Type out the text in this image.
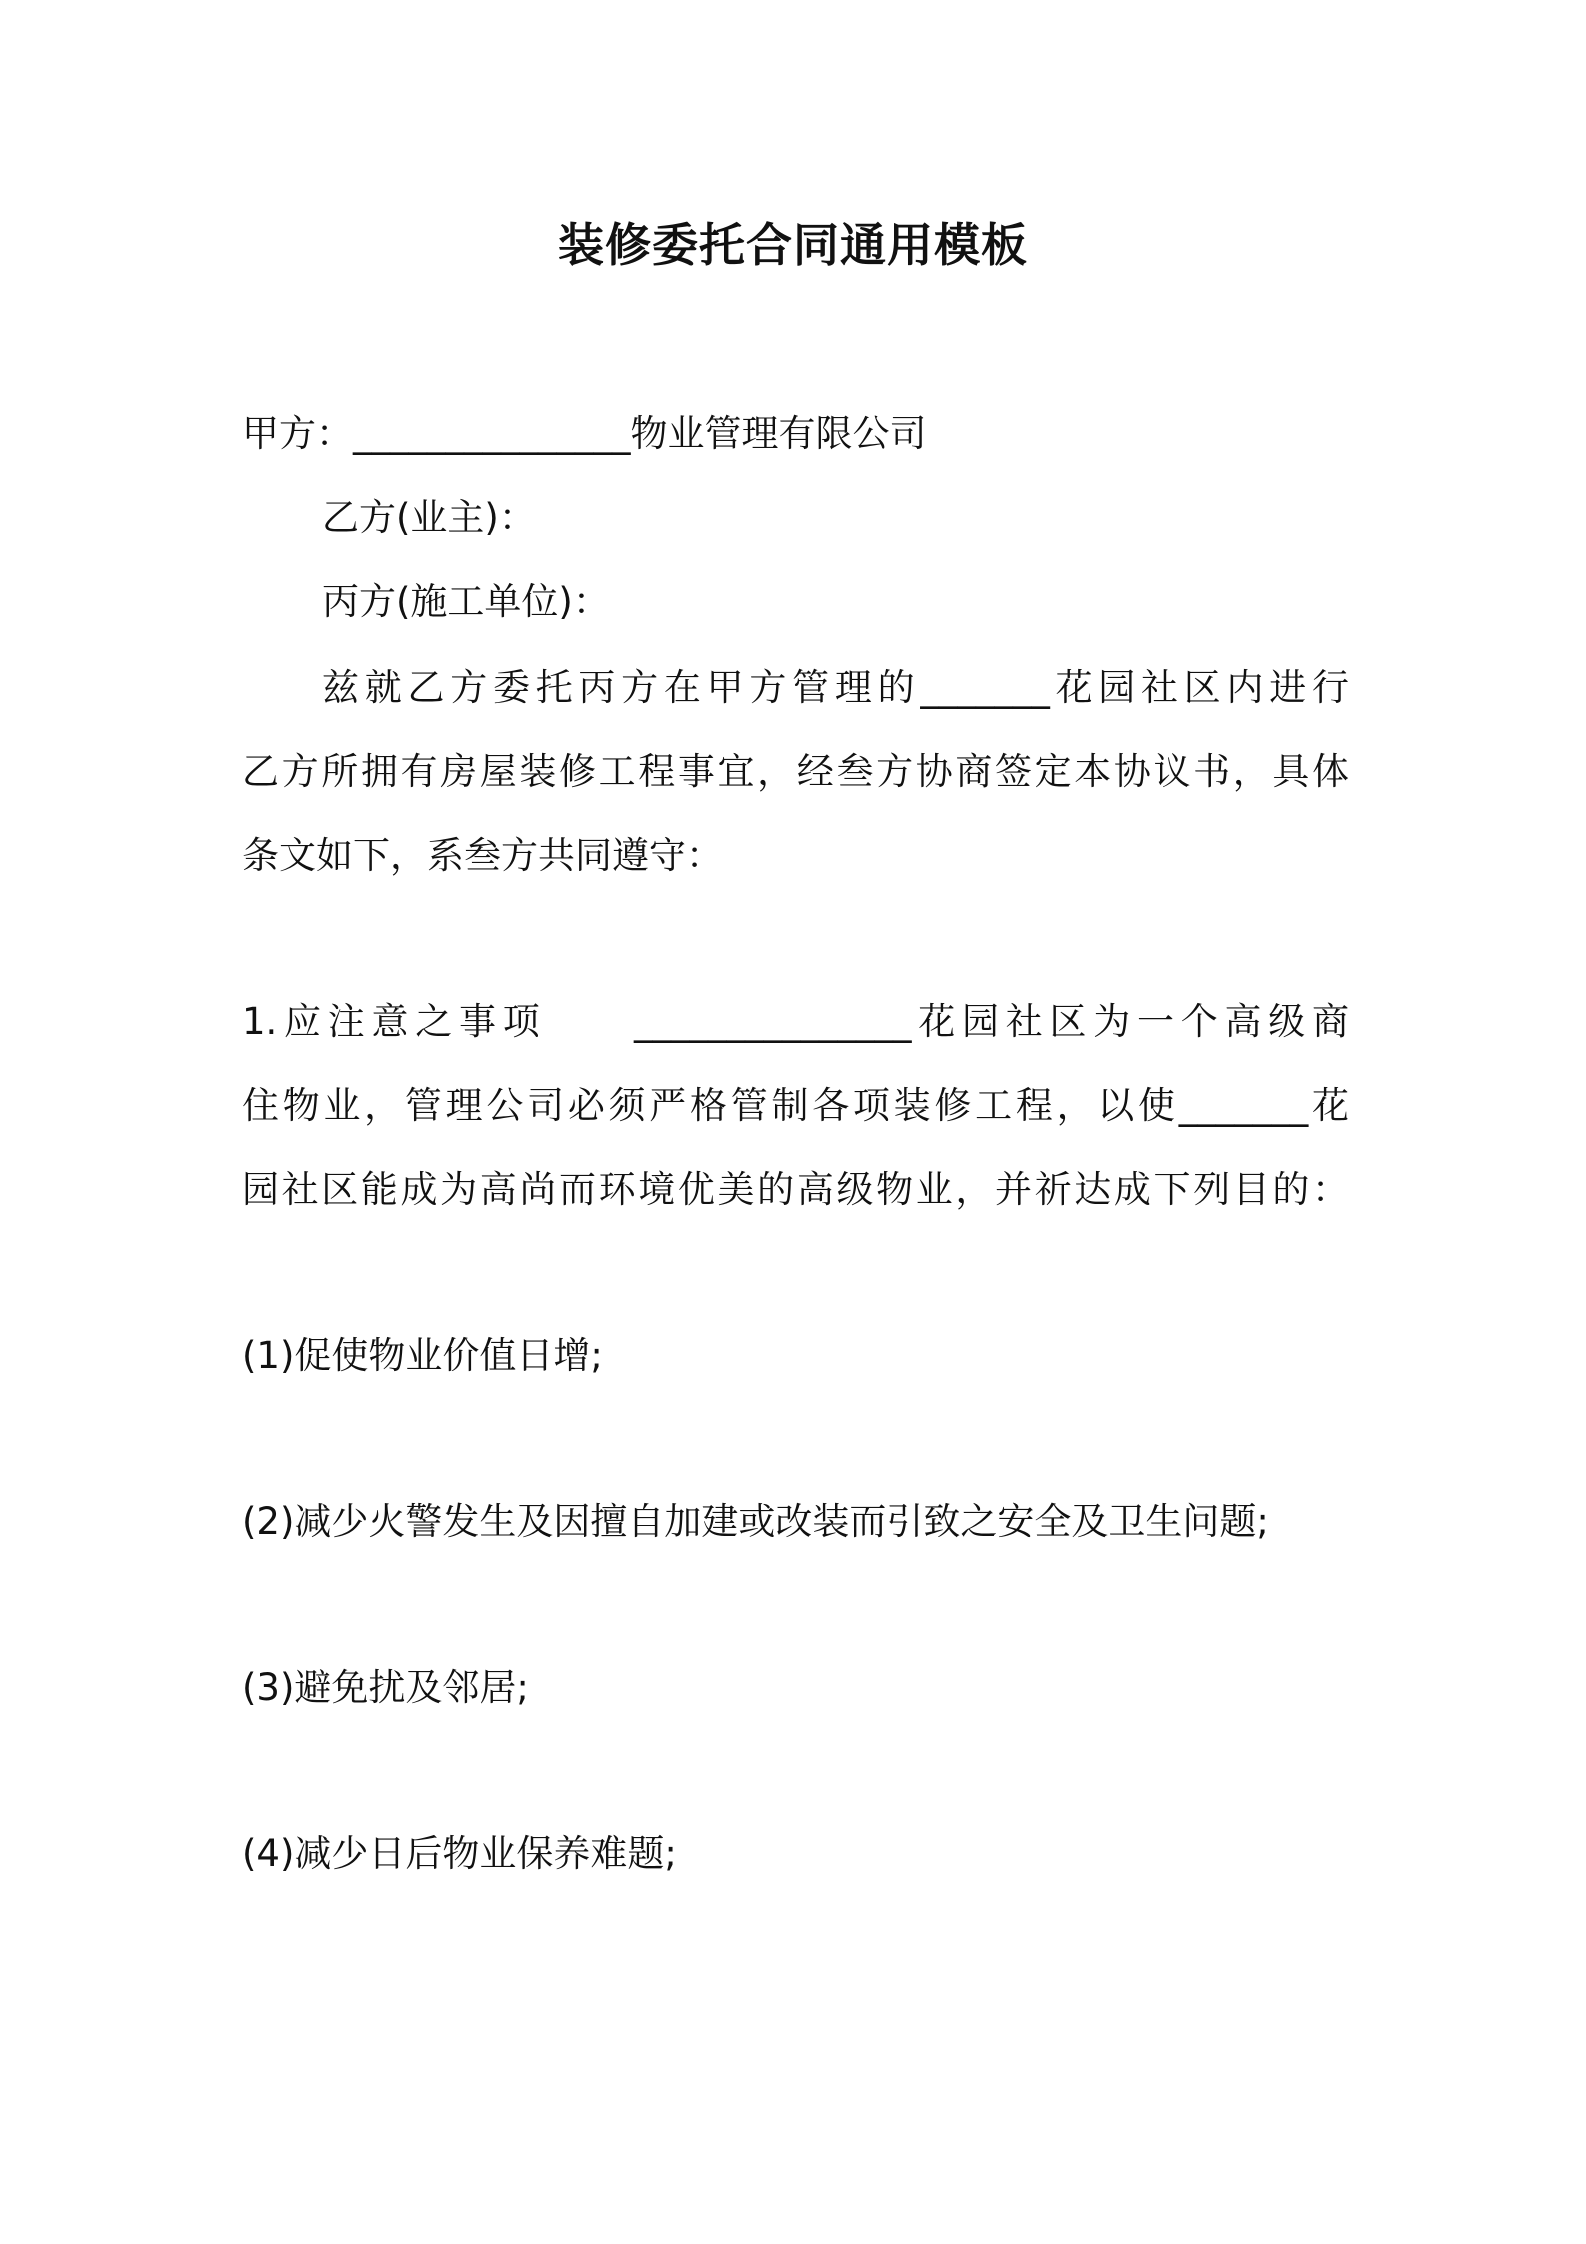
装修委托合同通用模板
甲方：_______________物业管理有限公司
乙方(业主)：
丙方(施工单位)：
兹就乙方委托丙方在甲方管理的_______花园社区内进行
乙方所拥有房屋装修工程事宜，经叁方协商签定本协议书，具体
条文如下，系叁方共同遵守：
1.应注意之事项　　_______________花园社区为一个高级商
住物业，管理公司必须严格管制各项装修工程，以使_______花
园社区能成为高尚而环境优美的高级物业，并祈达成下列目的：
(1)促使物业价值日增;
(2)减少火警发生及因擅自加建或改装而引致之安全及卫生问题;
(3)避免扰及邻居;
(4)减少日后物业保养难题;
